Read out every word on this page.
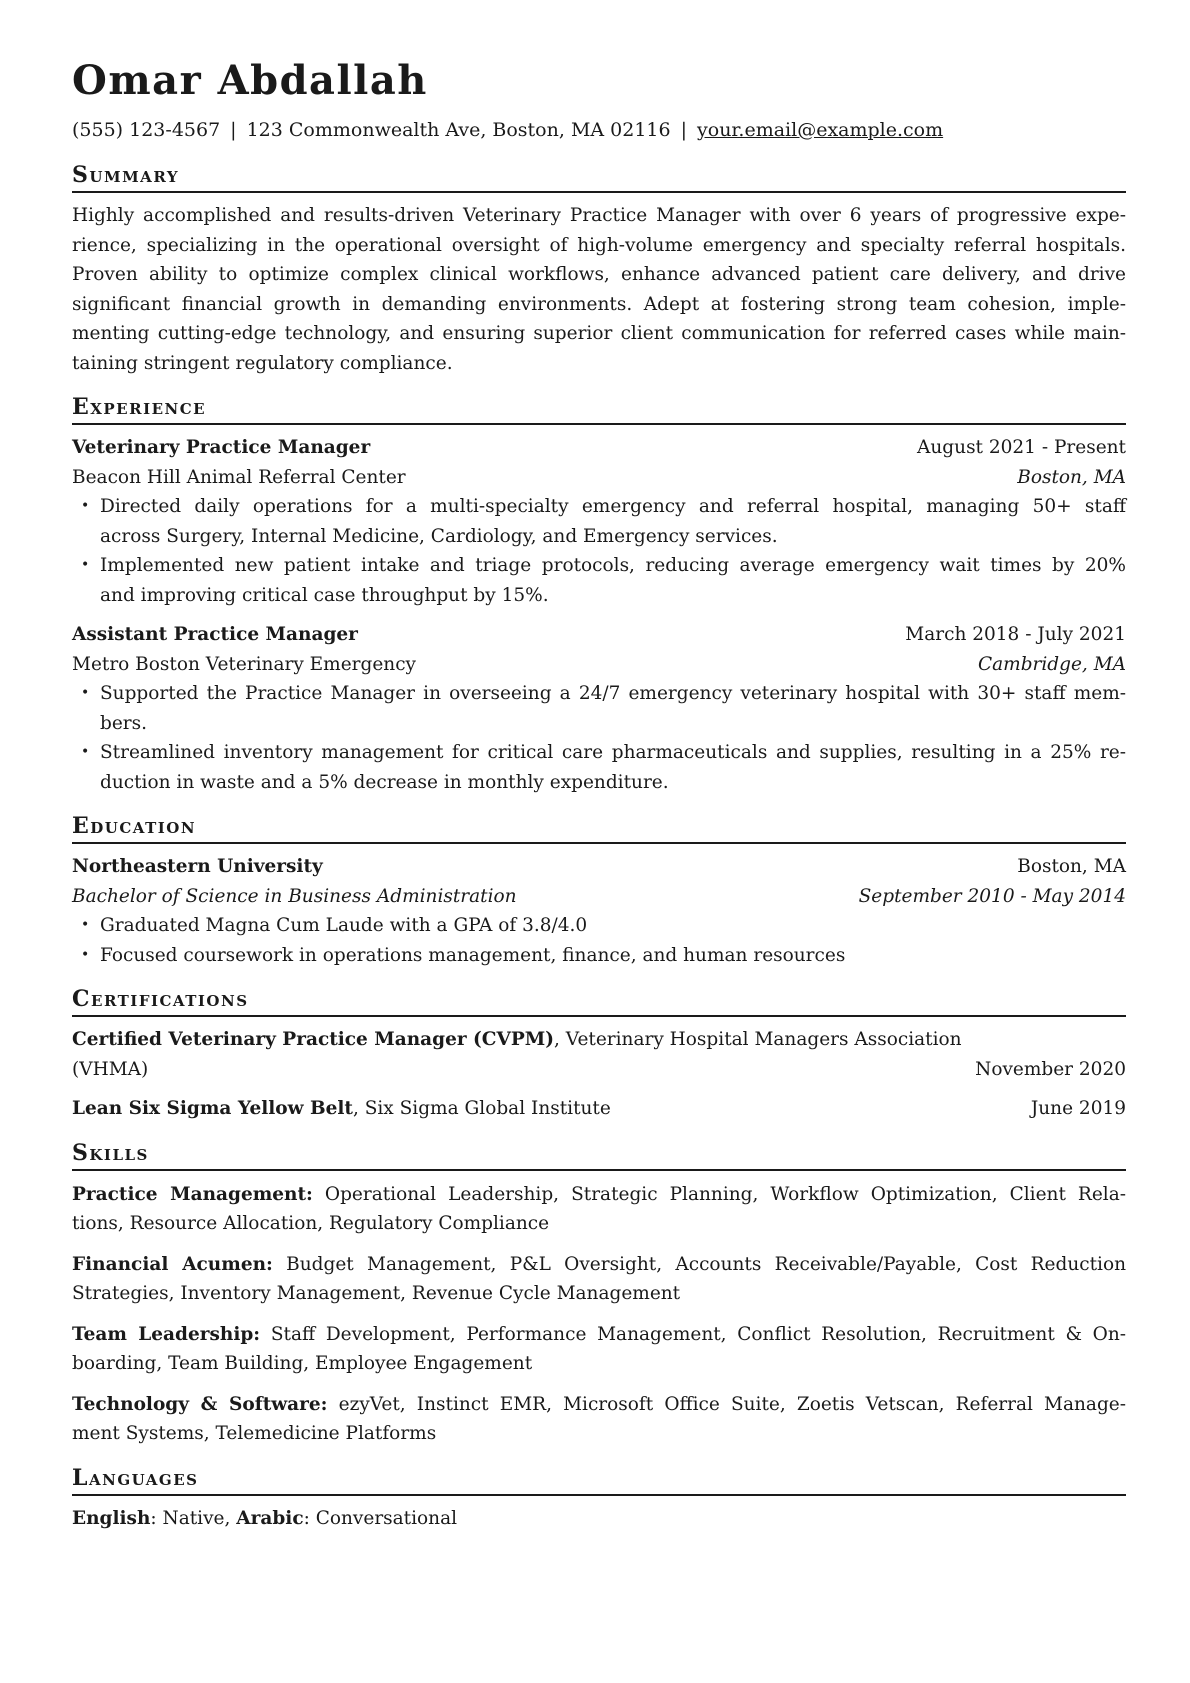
Omar Abdallah
(555) 123-4567 | 123 Commonwealth Ave, Boston, MA 02116 | your.email@example.com
Summary
Highly accomplished and results-driven Veterinary Practice Manager with over 6 years of progressive expe-
rience, specializing in the operational oversight of high-volume emergency and specialty referral hospitals.
Proven ability to optimize complex clinical workflows, enhance advanced patient care delivery, and drive
significant financial growth in demanding environments. Adept at fostering strong team cohesion, imple-
menting cutting-edge technology, and ensuring superior client communication for referred cases while main-
taining stringent regulatory compliance.
Experience
Veterinary Practice Manager	August 2021 - Present
Beacon Hill Animal Referral Center	Boston, MA
• Directed daily operations for a multi-specialty emergency and referral hospital, managing 50+ staff
across Surgery, Internal Medicine, Cardiology, and Emergency services.
• Implemented new patient intake and triage protocols, reducing average emergency wait times by 20%
and improving critical case throughput by 15%.
Assistant Practice Manager	March 2018 - July 2021
Metro Boston Veterinary Emergency	Cambridge, MA
• Supported the Practice Manager in overseeing a 24/7 emergency veterinary hospital with 30+ staff mem-
bers.
• Streamlined inventory management for critical care pharmaceuticals and supplies, resulting in a 25% re-
duction in waste and a 5% decrease in monthly expenditure.
Education
Northeastern University	Boston, MA
Bachelor of Science in Business Administration	September 2010 - May 2014
• Graduated Magna Cum Laude with a GPA of 3.8/4.0
• Focused coursework in operations management, finance, and human resources
Certifications
Certified Veterinary Practice Manager (CVPM), Veterinary Hospital Managers Association
(VHMA)	November 2020
Lean Six Sigma Yellow Belt, Six Sigma Global Institute	June 2019
Skills
Practice Management: Operational Leadership, Strategic Planning, Workflow Optimization, Client Rela-
tions, Resource Allocation, Regulatory Compliance
Financial Acumen: Budget Management, P&L Oversight, Accounts Receivable/Payable, Cost Reduction
Strategies, Inventory Management, Revenue Cycle Management
Team Leadership: Staff Development, Performance Management, Conflict Resolution, Recruitment & On-
boarding, Team Building, Employee Engagement
Technology & Software: ezyVet, Instinct EMR, Microsoft Office Suite, Zoetis Vetscan, Referral Manage-
ment Systems, Telemedicine Platforms
Languages
English: Native, Arabic: Conversational
